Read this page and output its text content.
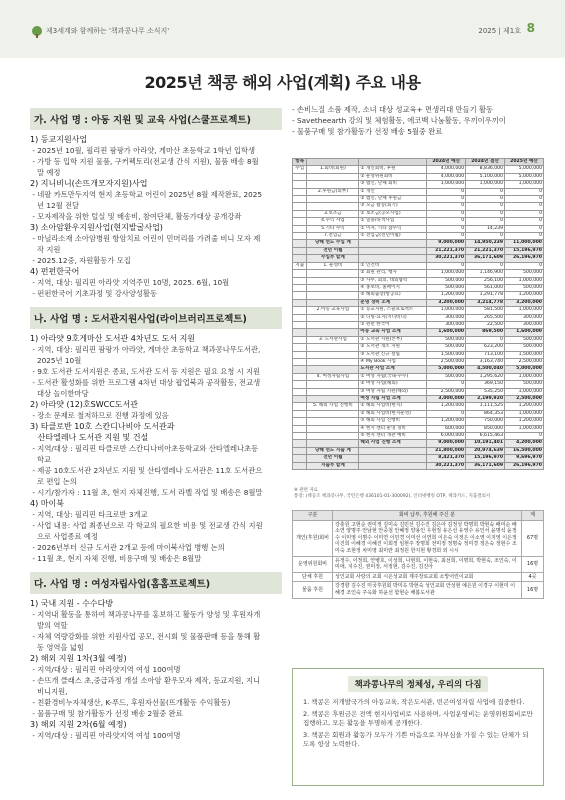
제3세계와 함께하는 '책과콩나무 소식지'	2025 | 제1호 8
2025년 책콩 해외 사업(계획) 주요 내용
가. 사업 명 : 아동 지원 및 교육 사업(스쿨프로젝트)

1) 등교지원사업

- 2025년 10월, 필리핀 팜팡가 아라얏, 게마산 초등학교 1학년 입학생

- 가방 등 입학 지원 물품, 구커펙토리(전교생 간식 지원), 물품 배송 8월

말 예정

2) 지니비니(손뜨개모자지원)사업

- 네팔 카트만두지역 현지 초등학교 어린이 2025년 8월 제작완료, 2025

년 12월 전달

- 모자제작을 위한 털실 및 배송비, 참여단체, 활동가대상 공개강좌

3) 소아암환우지원사업(현지발굴사업)

- 마닐라소재 소아암병원 항암치료 어린이 민머리를 가려줄 비니 모자 제

작 지원

- 2025.12중, 자원활동가 모집

4) 펀펀한국어

- 지역, 대상: 필리핀 아라얏 지역주민 10명, 2025. 6월, 10월

- 펀펀한국어 기초과정 및 강사양성활동

나. 사업 명 : 도서관지원사업(라이브러리프로젝트)

1) 아라얏 9호게마산 도서관 4차년도 도서 지원

- 지역, 대상: 필리핀 팜팡가 아라얏, 게마산 초등학교 책과콩나무도서관,

2025년 10월

- 9호 도서관 도서지원은 종료, 도서관 도서 등 지원은 필요 요청 시 지원

- 도서관 활성화를 위한 프로그램 4차년 대상 팝업북과 공작활동, 전교생

대상 놀이한마당

2) 아라얏 (12)호SWCC도서관

- 장소 문제로 철저하므로 진행 과정에 있음

3) 타클로반 10호 스칸디나비아 도서관과

산타엘레나 도서관 지원 및 건설

- 지역/대상 : 필리핀 타클로반 스칸디나비아초등학교와 산타엘레나초등

학교

- 제공 10호도서관 2차년도 지원 및 산타엘레나 도서관은 11호 도서관으

로 편입 논의

- 시기/참가자 : 11월 초, 현지 자체진행, 도서 라벨 작업 및 배송은 8월말

4) 마이북

- 지역, 대상: 필리핀 타크로반 3개교

- 사업 내용: 사업 최종년으로 각 학교의 필요한 비용 및 전교생 간식 지원

으로 사업종료 예정

- 2026년부터 신규 도서관 2개교 등에 마이북사업 병행 논의

- 11월 초, 현지 자체 진행, 비용구매 및 배송은 8월말

다. 사업 명 : 여성자립사업(홈홈프로젝트)

1) 국내 지원 - 수수다방

- 지역내 활동을 통하여 책과콩나무를 홍보하고 활동가 양성 및 후원자개

발의 역할

- 자체 역량강화를 위한 지원사업 공모, 전시회 및 물품판매 등을 통해 활

동 영역을 넓힘

2) 해외 지원 1차(3월 예정)

- 지역/대상 : 필리핀 아라얏지역 여성 100여명

- 손뜨개 클래스 초,중급과정 개설 소아암 환우모자 제작, 등교지원, 지니

비니지원,

- 친환경비누자체생산, K-푸드, 후원자선물(뜨개활동 수익활동)

- 물품구매 및 참가활동가 선정 배송 2월중 완료

3) 해외 지원 2차(6월 예정)

- 지역/대상 : 필리핀 아라얏지역 여성 100여명

- 손비느질 소품 제작, 소녀 대상 성교육+ 면생리대 만들기 활동

- Savetheearth 강의 및 체험활동, 에코백 나눔활동, 우끼이우끼이

- 물품구매 및 참가활동가 선정 배송 5월중 완료

항목			2024년 예산	2024년 결산	2025년 예산
수입	1.회비(회원)	① 개인회비, 후원	4,000,000	8,836,000	5,000,000
		② 운영위원회비	4,000,000	5,100,000	5,000,000
		③ 법인, 단체 회비	1,000,000	1,000,000	1,000,000
	2.후원금(외부)	① 개인	0	0	0
		② 법인, 단체 후원금	0	0	0
		③ 모금 활동(회기)	0	0	0
	3.보조금	① 보조금(공모사업)	0	0	0
	4.수익 사업	① 일몰/녹색사업	0	0	0
	5.기타 수익	① 이자, 기타 잡수익	0	14,239	0
	7.전입금	① 전입금(전년이월)	0	0	0
	당해 연도 수입 계		9,000,000	14,950,239	11,000,000
	전년 이월		21,221,370	21,221,370	15,196,970
	수입부 합계		30,221,370	36,171,609	26,196,970
지출	1. 운영비	① 인건비	0	0	0
		② 회원 관리, 행사	1,000,000	1,146,900	500,000
		③ 사무, 회의, 대외협력	500,000	256,100	1,000,000
		④ 홍보비, 홈페이지	500,000	561,000	500,000
		⑤ 해외출장(항공료)	1,200,000	1,291,778	1,200,000
		운영 경비 소계	3,200,000	3,214,778	3,200,000
	2.아동 교육사업	① 등교지원, 스쿨프로젝트	1,000,000	581,500	1,000,000
		② 니팅-요지(지니비니)	300,000	265,500	300,000
		③ 펀펀 한국어	300,000	22,500	300,000
		아동 교육 사업 소계	1,600,000	869,500	1,600,000
	3. 도서관사업	① 도서관 지원(본부)	500,000	0	500,000
		② 도서관 개소 지원	500,000	623,200	500,000
		③ 도서관 신규 설립	1,500,000	713,100	1,500,000
		④ My Book 사업	2,500,000	3,163,740	2,500,000
		도서관 사업 소계	5,000,000	4,500,040	5,000,000
	4. 여성자립사업	① 여성 자립(국내-수수)	500,000	1,295,620	1,000,000
		② 여성 사업(해외)	0	369,150	500,000
		③ 여성 자립 지원(해외)	2,500,000	535,250	1,000,000
		여성 자립 사업 소계	3,000,000	2,199,920	2,500,000
	5. 해외 사업 진행비	① 해외 사업비(현지)	1,200,000	1,111,525	1,200,000
		② 해외 사업비(현지운영)	0	864,353	1,000,000
		③ 해외 사업 진행비	1,200,000	750,000	1,200,000
		④ 현지 센터 운영 경비	600,000	850,000	1,000,000
		⑤ 현지 센터 개관 예비	6,000,000	6,615,463	0
		해외 사업 진행 소계	9,000,000	10,191,401	4,200,000
	당해 연도 지출 계		21,800,000	20,974,639	16,500,000
	전년 이월		8,421,370	15,196,970	9,696,970
	지출부 합계		30,221,370	36,171,609	26,196,970
※ 관련 자료
통장: (책공조 책과콩나무, 국민은행 436101-01-300092), 인터넷뱅킹 OTP, 책과카드, 지출결의서
구분	회비 납부, 후원해 주신 분	계
개인(후원)회비	강충원 고현순 권미정 김미숙 김민선 김수진 김은아 김정성 박명희 박현숙 배미순 배소연 양명주 안남현 안중철 안혜정 양용인 우현정 유은선 유영수 유인서 윤명석 윤정수 이미영 이명수 이미연 이민경 이미선 이연희 이은숙 이정은 이소영 이지영 이은정 이진희 이혜경 이혜진 이희정 임현주 장명희 전미정 정명숙 정미경 정은숙 정현수 조미숙 조현정 차미영 최미란 최정원 한지현 황경희 외 시시	67명
운영위원회비	유정수, 이정희, 안병호, 이성희, 나현희, 이현숙, 최선희, 이명희, 박현숙, 조인숙, 이미애, 지수진, 권미정, 서정현, 김수진, 김진아	16명
단체 후원	성인교회 사랑의 교회 시온성교회 제주장로교회 소망어린이교회	4곳
물품 후원	강경향 김수진 미국후원회 박미옥 박현숙 성인교회 안성현 예은원 이경구 이현미 이혜경 조인숙 주옥화 하윤선 함현순 해봄도서관	16명
책과콩나무의 정체성, 우리의 다짐

1. 책콩은 저개발국가의 아동교육, 작은도서관, 빈곤여성자립 사업에 집중한다.

2. 책콩은 후원금은 전액 현지사업비로 사용하며, 사업운영비는 운영위원회비로만 집행하고, 모든 활동을 투명하게 공개한다.

3. 책콩은 회원과 활동가 모두가 기쁜 마음으로 자부심을 가질 수 있는 단체가 되도록 항상 노력한다.
